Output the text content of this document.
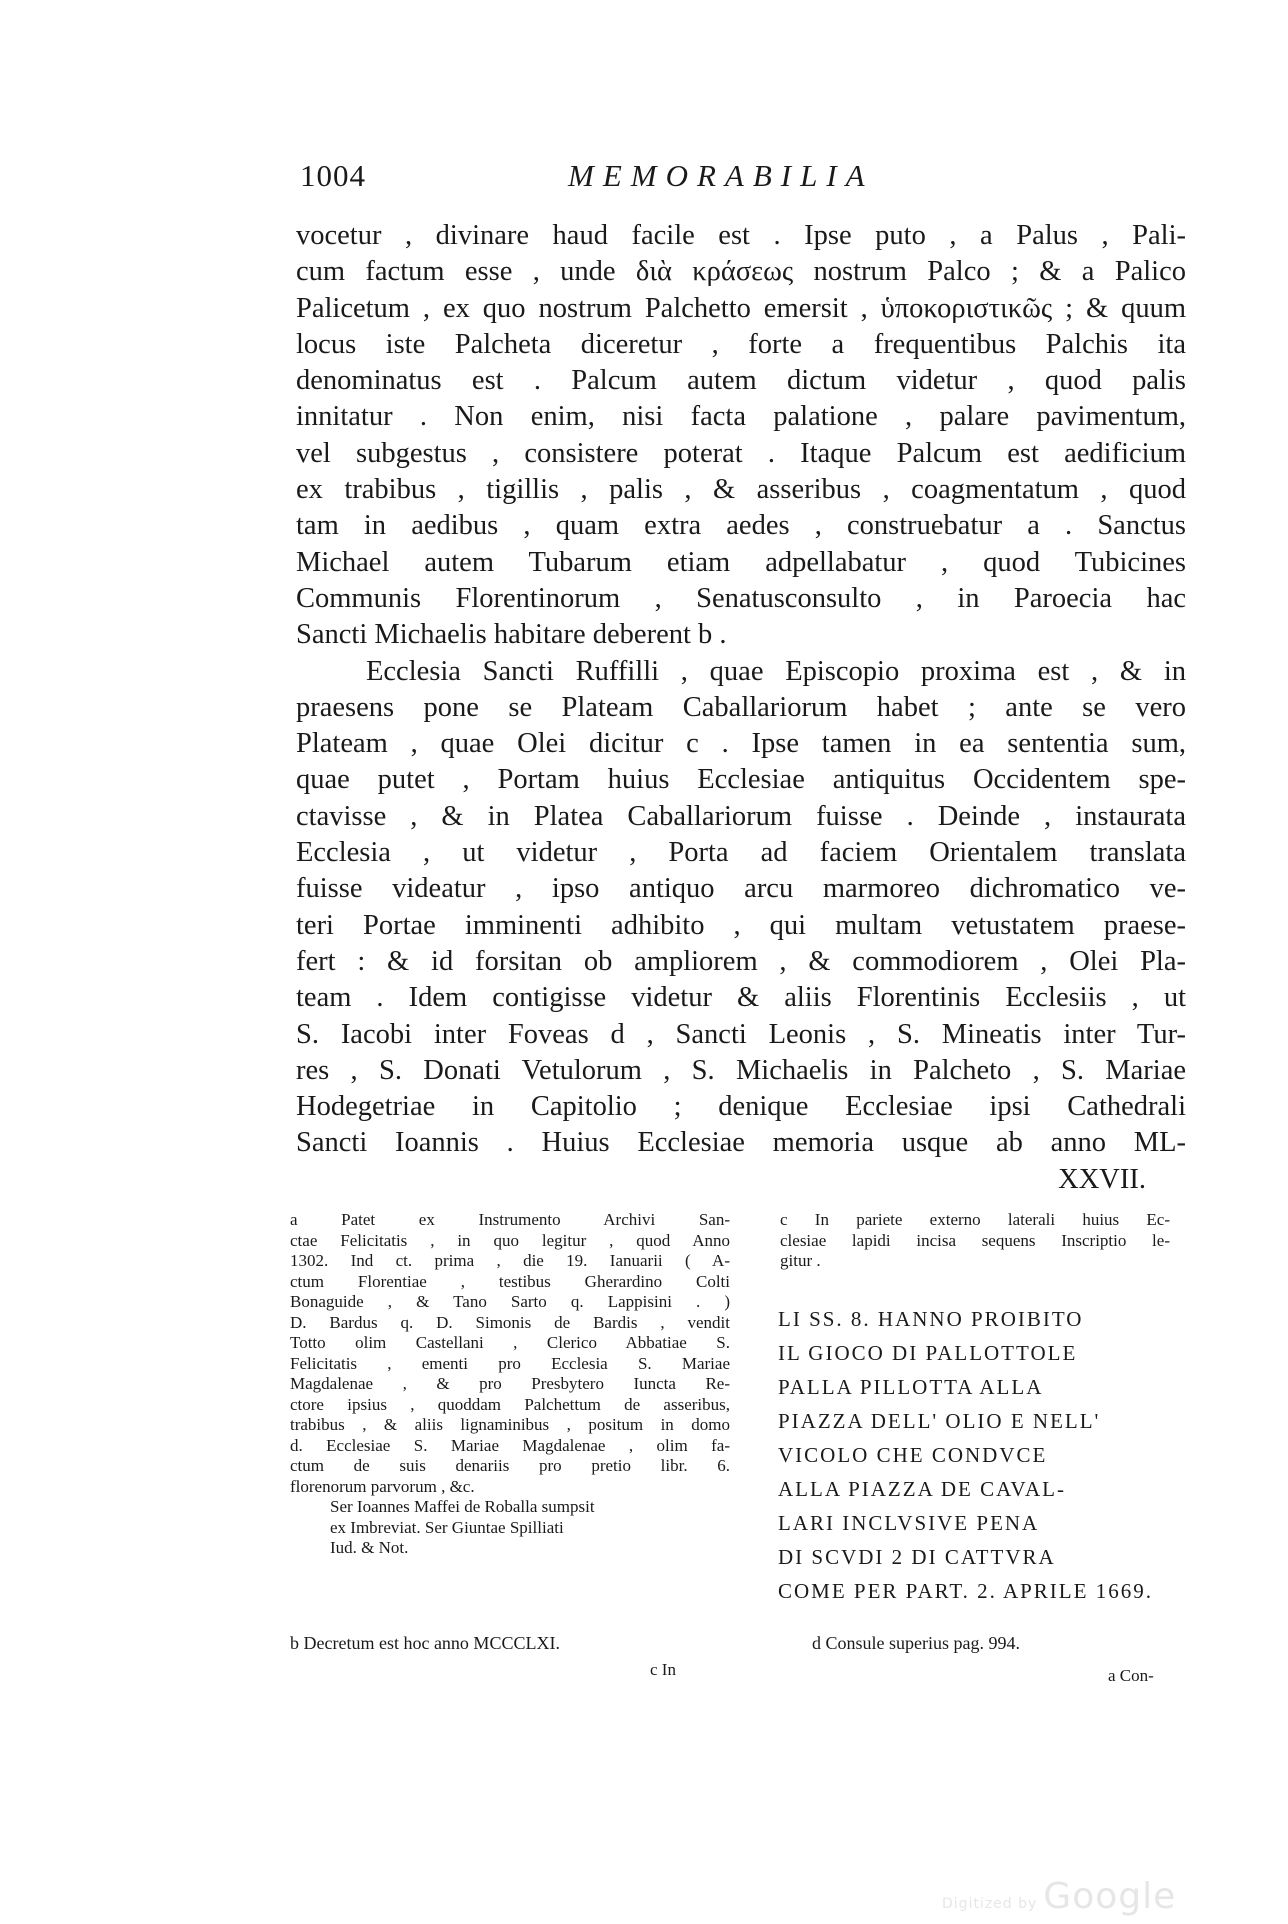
1004	MEMORABILIA
vocetur , divinare haud facile est . Ipse puto , a Palus , Pali-
cum factum esse , unde διὰ κράσεως nostrum Palco ; & a Palico
Palicetum , ex quo nostrum Palchetto emersit , ὑποκοριστικῶς ; & quum
locus iste Palcheta diceretur , forte a frequentibus Palchis ita
denominatus est . Palcum autem dictum videtur , quod palis
innitatur . Non enim, nisi facta palatione , palare pavimentum,
vel subgestus , consistere poterat . Itaque Palcum est aedificium
ex trabibus , tigillis , palis , & asseribus , coagmentatum , quod
tam in aedibus , quam extra aedes , construebatur a . Sanctus
Michael autem Tubarum etiam adpellabatur , quod Tubicines
Communis Florentinorum , Senatusconsulto , in Paroecia hac
Sancti Michaelis habitare deberent b .
Ecclesia Sancti Ruffilli , quae Episcopio proxima est , & in
praesens pone se Plateam Caballariorum habet ; ante se vero
Plateam , quae Olei dicitur c . Ipse tamen in ea sententia sum,
quae putet , Portam huius Ecclesiae antiquitus Occidentem spe-
ctavisse , & in Platea Caballariorum fuisse . Deinde , instaurata
Ecclesia , ut videtur , Porta ad faciem Orientalem translata
fuisse videatur , ipso antiquo arcu marmoreo dichromatico ve-
teri Portae imminenti adhibito , qui multam vetustatem praese-
fert : & id forsitan ob ampliorem , & commodiorem , Olei Pla-
team . Idem contigisse videtur & aliis Florentinis Ecclesiis , ut
S. Iacobi inter Foveas d , Sancti Leonis , S. Mineatis inter Tur-
res , S. Donati Vetulorum , S. Michaelis in Palcheto , S. Mariae
Hodegetriae in Capitolio ; denique Ecclesiae ipsi Cathedrali
Sancti Ioannis . Huius Ecclesiae memoria usque ab anno ML-
XXVII.
a Patet ex Instrumento Archivi San-
ctae Felicitatis , in quo legitur , quod Anno
1302. Ind ct. prima , die 19. Ianuarii ( A-
ctum Florentiae , testibus Gherardino Colti
Bonaguide , & Tano Sarto q. Lappisini . )
D. Bardus q. D. Simonis de Bardis , vendit
Totto olim Castellani , Clerico Abbatiae S.
Felicitatis , ementi pro Ecclesia S. Mariae
Magdalenae , & pro Presbytero Iuncta Re-
ctore ipsius , quoddam Palchettum de asseribus,
trabibus , & aliis lignaminibus , positum in domo
d. Ecclesiae S. Mariae Magdalenae , olim fa-
ctum de suis denariis pro pretio libr. 6.
florenorum parvorum , &c.
Ser Ioannes Maffei de Roballa sumpsit
ex Imbreviat. Ser Giuntae Spilliati
Iud. & Not.
c In pariete externo laterali huius Ec-
clesiae lapidi incisa sequens Inscriptio le-
gitur .
LI SS. 8. HANNO PROIBITO
IL GIOCO DI PALLOTTOLE
PALLA PILLOTTA ALLA
PIAZZA DELL' OLIO E NELL'
VICOLO CHE CONDVCE
ALLA PIAZZA DE CAVAL-
LARI INCLVSIVE PENA
DI SCVDI 2 DI CATTVRA
COME PER PART. 2. APRILE 1669.
b Decretum est hoc anno MCCCLXI.
c In
d Consule superius pag. 994.
a Con-
Digitized by Google
